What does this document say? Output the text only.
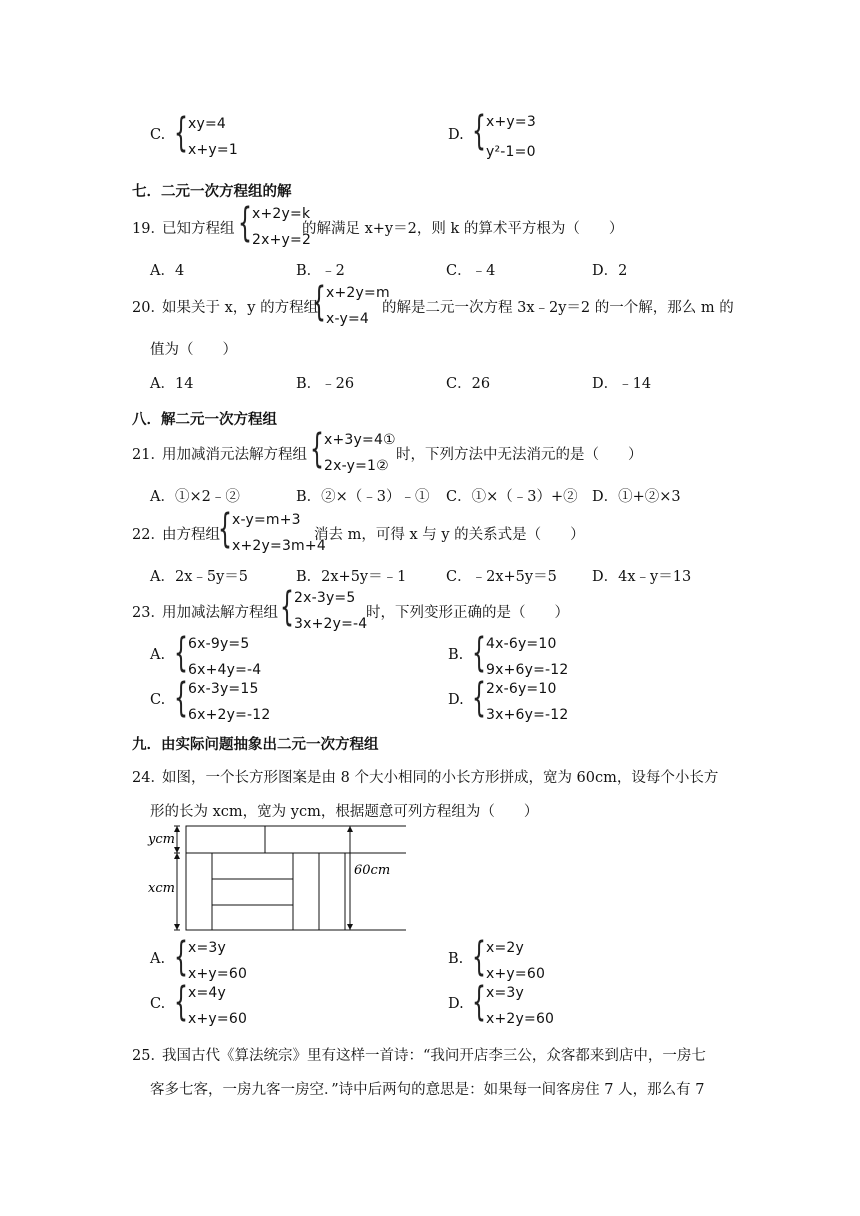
C. { xy=4
x+y=1
D. { x+y=3
y²-1=0
七．二元一次方程组的解
19．
已知方程组 { x+2y=k
2x+y=2
的解满足 x+y＝2，则 k 的算术平方根为（　　）
A．4	B．﹣2	C．﹣4	D．2
20．
如果关于 x，y 的方程组
{ x+2y=m
x-y=4
的解是二元一次方程 3x﹣2y＝2 的一个解，那么 m 的
值为（　　）
A．14	B．﹣26	C．26	D．﹣14
八．解二元一次方程组
21．
用加减消元法解方程组 { x+3y=4①
2x-y=1②
时，下列方法中无法消元的是（　　）
A．①×2﹣②	B．②×（﹣3）﹣① C．①×（﹣3）+② D．①+②×3
22．
由方程组
{ x-y=m+3
x+2y=3m+4
消去 m，可得 x 与 y 的关系式是（　　）
A．2x﹣5y＝5	B．2x+5y＝﹣1	C．﹣2x+5y＝5 D．4x﹣y＝13
23．
用加减法解方程组 { 2x-3y=5
3x+2y=-4
时，下列变形正确的是（　　）
A. { 6x-9y=5
6x+4y=-4
B. { 4x-6y=10
9x+6y=-12
C. { 6x-3y=15
6x+2y=-12
D. { 2x-6y=10
3x+6y=-12
九．由实际问题抽象出二元一次方程组
24．
如图，一个长方形图案是由 8 个大小相同的小长方形拼成，宽为 60cm，设每个小长方
形的长为 xcm，宽为 ycm，根据题意可列方程组为（　　）
ycm
xcm
60cm
A. { x=3y
x+y=60
B. { x=2y
x+y=60
C. { x=4y
x+y=60
D. { x=3y
x+2y=60
25．
我国古代《算法统宗》里有这样一首诗：“我问开店李三公，众客都来到店中，一房七
客多七客，一房九客一房空．”诗中后两句的意思是：如果每一间客房住 7 人，那么有 7
